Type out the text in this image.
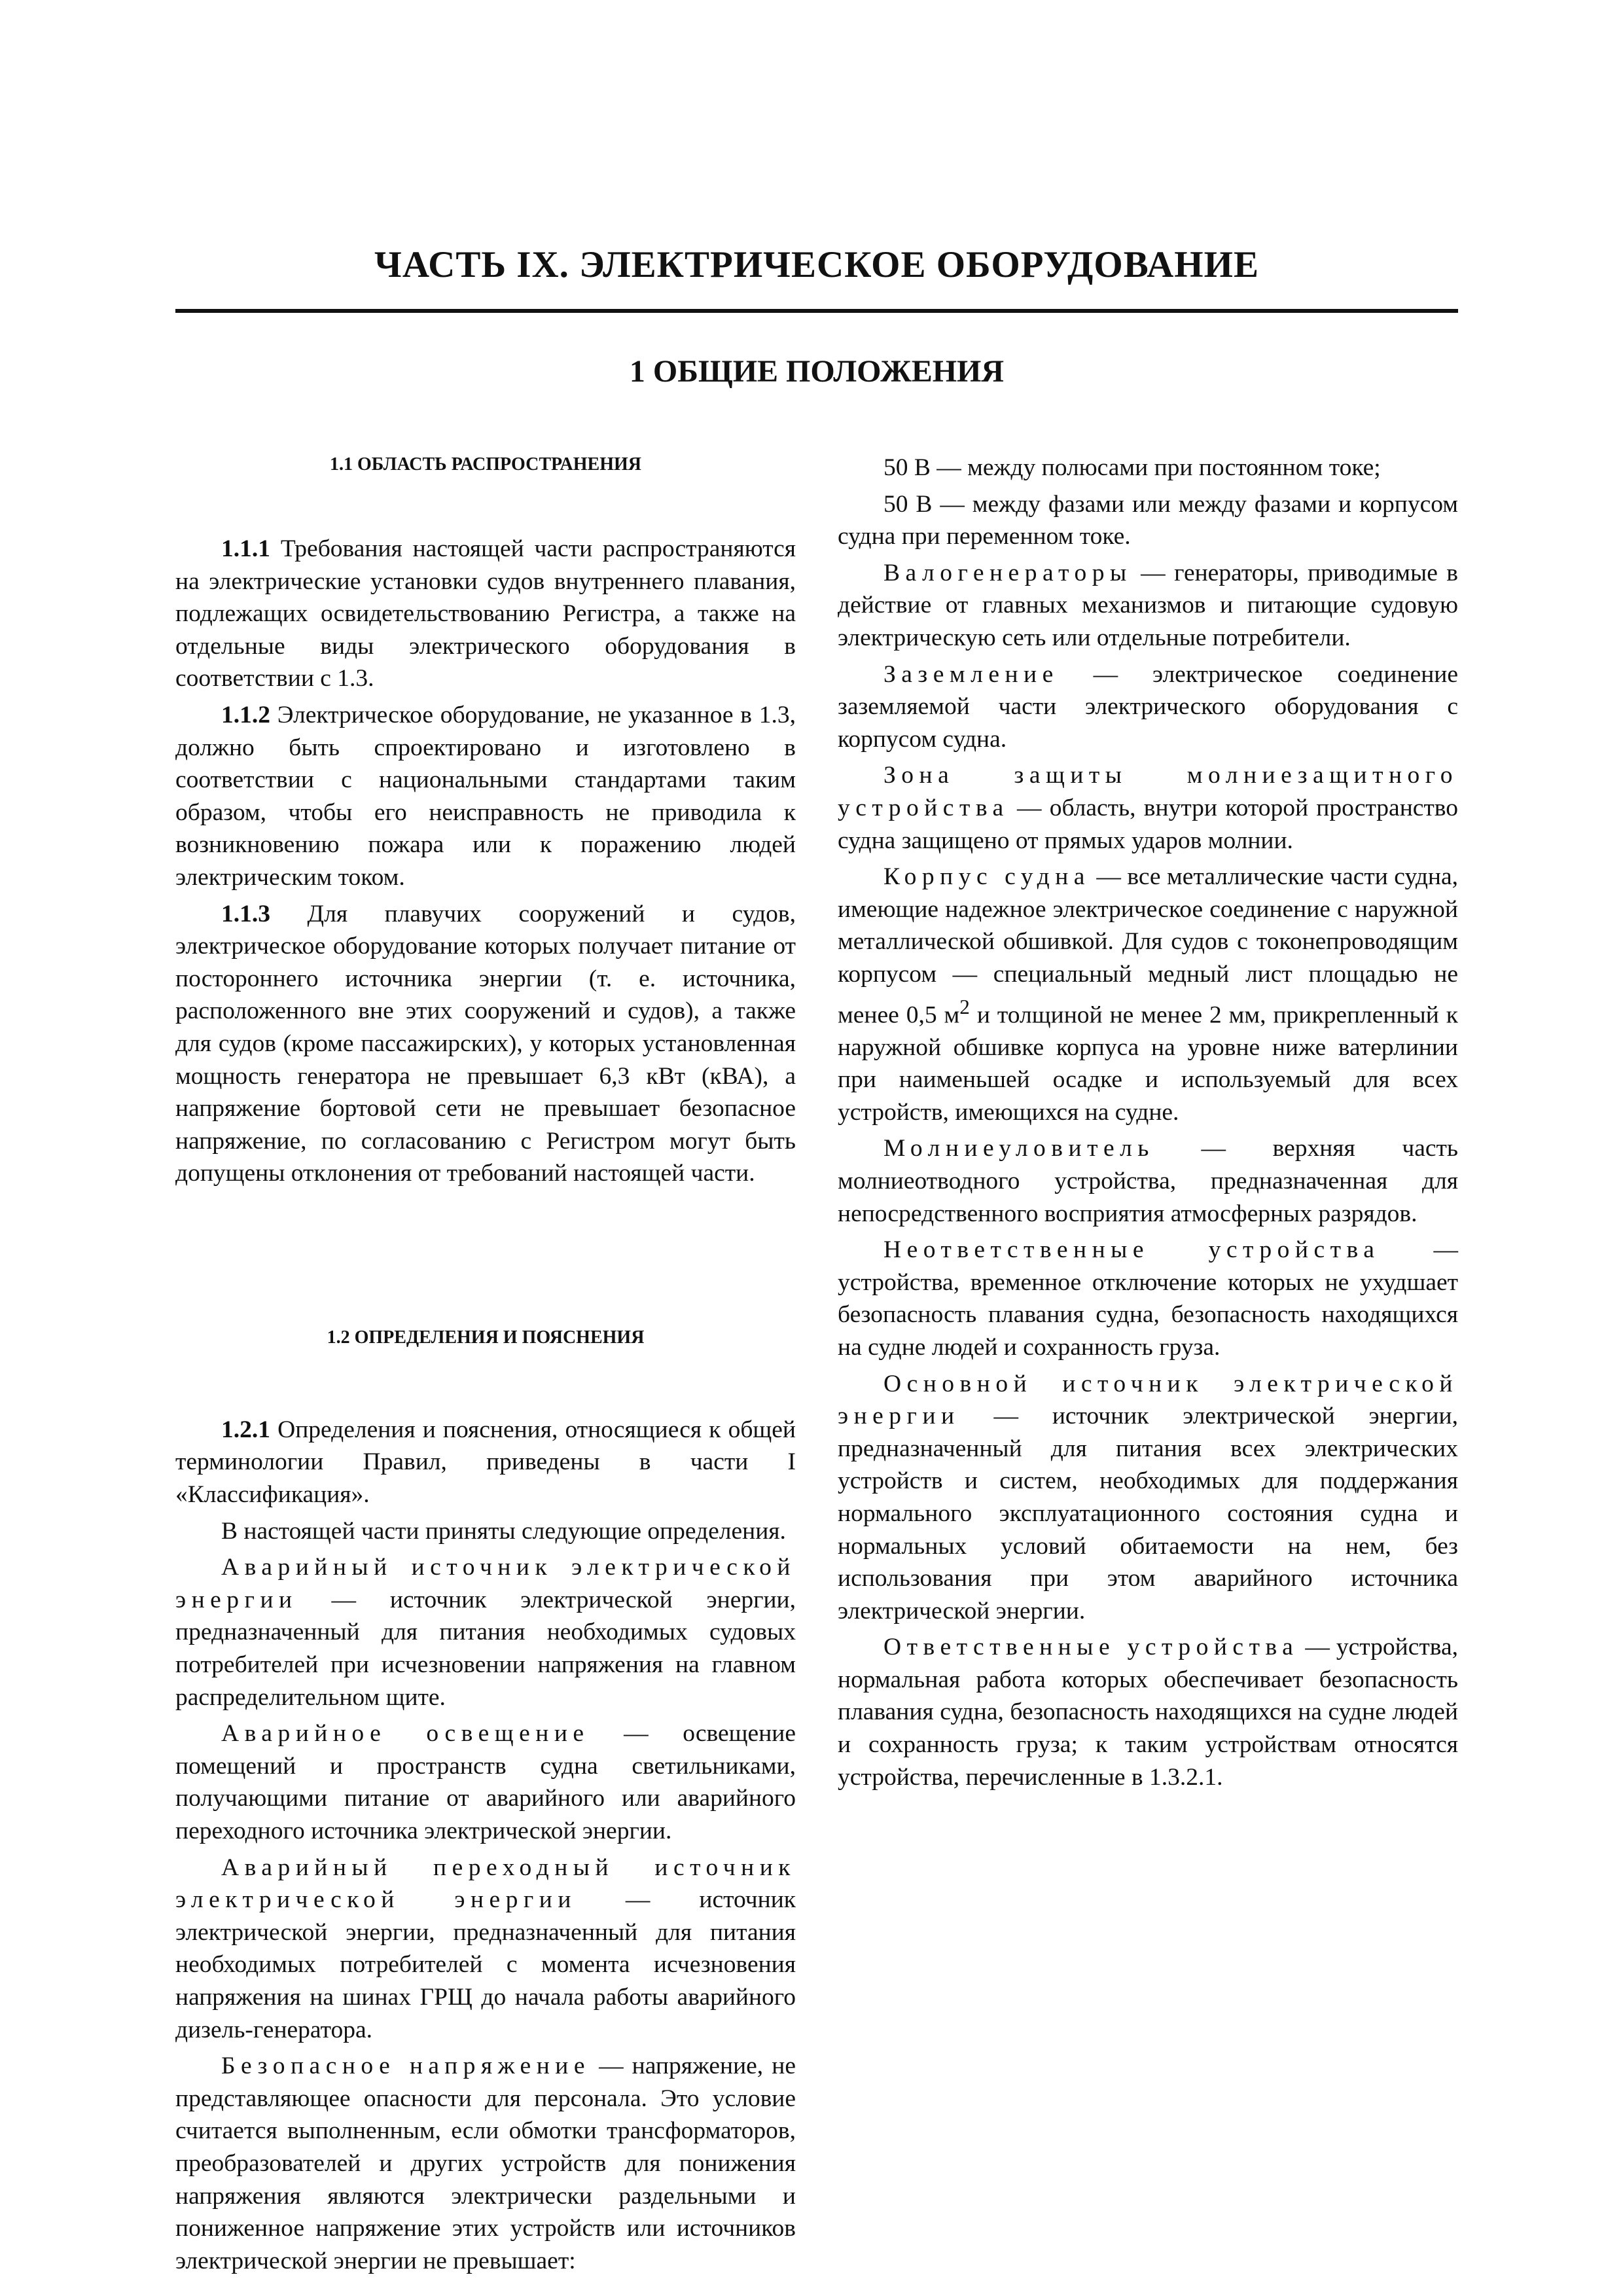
ЧАСТЬ IX. ЭЛЕКТРИЧЕСКОЕ ОБОРУДОВАНИЕ
1 ОБЩИЕ ПОЛОЖЕНИЯ
1.1 ОБЛАСТЬ РАСПРОСТРАНЕНИЯ

1.1.1 Требования настоящей части распространяются на электрические установки судов внутреннего плавания, подлежащих освидетельствованию Регистра, а также на отдельные виды электрического оборудования в соответствии с 1.3.

1.1.2 Электрическое оборудование, не указанное в 1.3, должно быть спроектировано и изготовлено в соответствии с национальными стандартами таким образом, чтобы его неисправность не приводила к возникновению пожара или к поражению людей электрическим током.

1.1.3 Для плавучих сооружений и судов, электрическое оборудование которых получает питание от постороннего источника энергии (т. е. источника, расположенного вне этих сооружений и судов), а также для судов (кроме пассажирских), у которых установленная мощность генератора не превышает 6,3 кВт (кВА), а напряжение бортовой сети не превышает безопасное напряжение, по согласованию с Регистром могут быть допущены отклонения от требований настоящей части.

1.2 ОПРЕДЕЛЕНИЯ И ПОЯСНЕНИЯ

1.2.1 Определения и пояснения, относящиеся к общей терминологии Правил, приведены в части I «Классификация».

В настоящей части приняты следующие определения.

Аварийный источник электрической энергии — источник электрической энергии, предназначенный для питания необходимых судовых потребителей при исчезновении напряжения на главном распределительном щите.

Аварийное освещение — освещение помещений и пространств судна светильниками, получающими питание от аварийного или аварийного переходного источника электрической энергии.

Аварийный переходный источник электрической энергии — источник электрической энергии, предназначенный для питания необходимых потребителей с момента исчезновения напряжения на шинах ГРЩ до начала работы аварийного дизель-генератора.

Безопасное напряжение — напряжение, не представляющее опасности для персонала. Это условие считается выполненным, если обмотки трансформаторов, преобразователей и других устройств для понижения напряжения являются электрически раздельными и пониженное напряжение этих устройств или источников электрической энергии не превышает:

50 В — между полюсами при постоянном токе;

50 В — между фазами или между фазами и корпусом судна при переменном токе.

Валогенераторы — генераторы, приводимые в действие от главных механизмов и питающие судовую электрическую сеть или отдельные потребители.

Заземление — электрическое соединение заземляемой части электрического оборудования с корпусом судна.

Зона защиты молниезащитного устройства — область, внутри которой пространство судна защищено от прямых ударов молнии.

Корпус судна — все металлические части судна, имеющие надежное электрическое соединение с наружной металлической обшивкой. Для судов с токонепроводящим корпусом — специальный медный лист площадью не менее 0,5 $м^2$ и толщиной не менее 2 мм, прикрепленный к наружной обшивке корпуса на уровне ниже ватерлинии при наименьшей осадке и используемый для всех устройств, имеющихся на судне.

Молниеуловитель — верхняя часть молниеотводного устройства, предназначенная для непосредственного восприятия атмосферных разрядов.

Неответственные устройства — устройства, временное отключение которых не ухудшает безопасность плавания судна, безопасность находящихся на судне людей и сохранность груза.

Основной источник электрической энергии — источник электрической энергии, предназначенный для питания всех электрических устройств и систем, необходимых для поддержания нормального эксплуатационного состояния судна и нормальных условий обитаемости на нем, без использования при этом аварийного источника электрической энергии.

Ответственные устройства — устройства, нормальная работа которых обеспечивает безопасность плавания судна, безопасность находящихся на судне людей и сохранность груза; к таким устройствам относятся устройства, перечисленные в 1.3.2.1.
